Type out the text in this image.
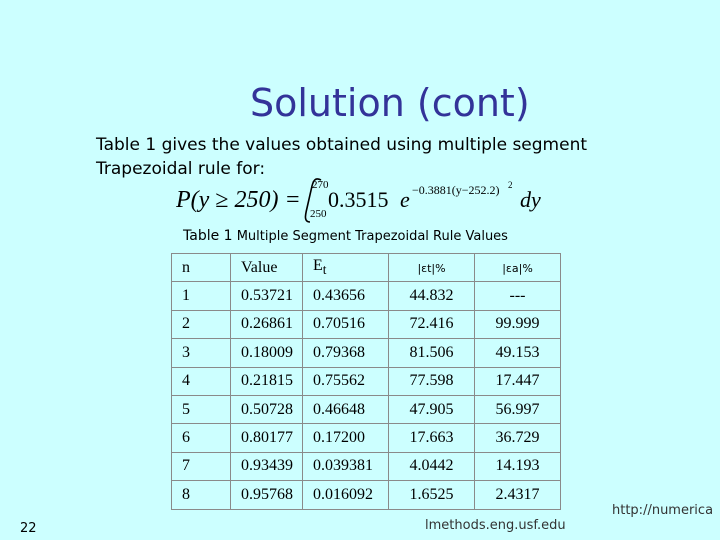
Solution (cont)
Table 1 gives the values obtained using multiple segment
Trapezoidal rule for:
P(y ≥ 250) =
270
250
0.3515 e −0.3881(y−252.2) 2
dy
Table 1 Multiple Segment Trapezoidal Rule Values
n	Value	$E_t$	|εt|%	|εa|%
1	0.53721	0.43656	44.832	---
2	0.26861	0.70516	72.416	99.999
3	0.18009	0.79368	81.506	49.153
4	0.21815	0.75562	77.598	17.447
5	0.50728	0.46648	47.905	56.997
6	0.80177	0.17200	17.663	36.729
7	0.93439	0.039381	4.0442	14.193
8	0.95768	0.016092	1.6525	2.4317
22
http://numerica
lmethods.eng.usf.edu
